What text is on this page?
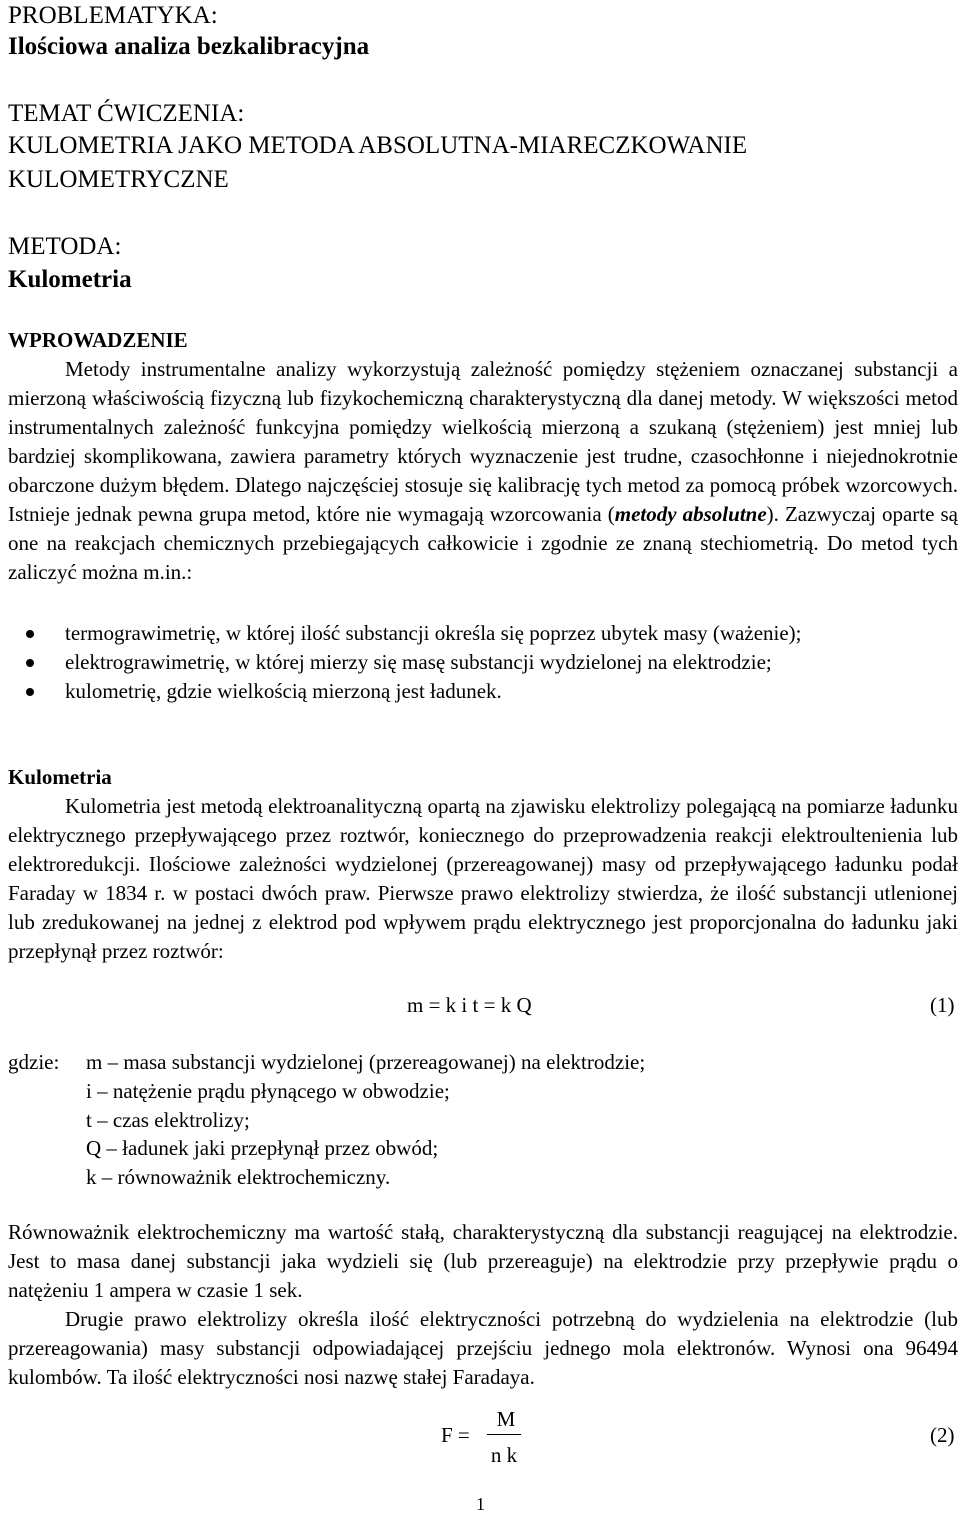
PROBLEMATYKA:
Ilościowa analiza bezkalibracyjna
TEMAT ĆWICZENIA:
KULOMETRIA JAKO METODA ABSOLUTNA-MIARECZKOWANIE
KULOMETRYCZNE
METODA:
Kulometria
WPROWADZENIE

Metody instrumentalne analizy wykorzystują zależność pomiędzy stężeniem oznaczanej substancji a mierzoną właściwością fizyczną lub fizykochemiczną charakterystyczną dla danej metody. W większości metod instrumentalnych zależność funkcyjna pomiędzy wielkością mierzoną a szukaną (stężeniem) jest mniej lub bardziej skomplikowana, zawiera parametry których wyznaczenie jest trudne, czasochłonne i niejednokrotnie obarczone dużym błędem. Dlatego najczęściej stosuje się kalibrację tych metod za pomocą próbek wzorcowych. Istnieje jednak pewna grupa metod, które nie wymagają wzorcowania (metody absolutne). Zazwyczaj oparte są one na reakcjach chemicznych przebiegających całkowicie i zgodnie ze znaną stechiometrią. Do metod tych zaliczyć można m.in.:

termograwimetrię, w której ilość substancji określa się poprzez ubytek masy (ważenie);
elektrograwimetrię, w której mierzy się masę substancji wydzielonej na elektrodzie;
kulometrię, gdzie wielkością mierzoną jest ładunek.
Kulometria

Kulometria jest metodą elektroanalityczną opartą na zjawisku elektrolizy polegającą na pomiarze ładunku elektrycznego przepływającego przez roztwór, koniecznego do przeprowadzenia reakcji elektroultenienia lub elektroredukcji. Ilościowe zależności wydzielonej (przereagowanej) masy od przepływającego ładunku podał Faraday w 1834 r. w postaci dwóch praw. Pierwsze prawo elektrolizy stwierdza, że ilość substancji utlenionej lub zredukowanej na jednej z elektrod pod wpływem prądu elektrycznego jest proporcjonalna do ładunku jaki przepłynął przez roztwór:

m = k i t = k Q	(1)
gdzie: m – masa substancji wydzielonej (przereagowanej) na elektrodzie;
i – natężenie prądu płynącego w obwodzie;
t – czas elektrolizy;
Q – ładunek jaki przepłynął przez obwód;
k – równoważnik elektrochemiczny.

Równoważnik elektrochemiczny ma wartość stałą, charakterystyczną dla substancji reagującej na elektrodzie. Jest to masa danej substancji jaka wydzieli się (lub przereaguje) na elektrodzie przy przepływie prądu o natężeniu 1 ampera w czasie 1 sek.

Drugie prawo elektrolizy określa ilość elektryczności potrzebną do wydzielenia na elektrodzie (lub przereagowania) masy substancji odpowiadającej przejściu jednego mola elektronów. Wynosi ona 96494 kulombów. Ta ilość elektryczności nosi nazwę stałej Faradaya.

F =
M
n k
(2)
1
